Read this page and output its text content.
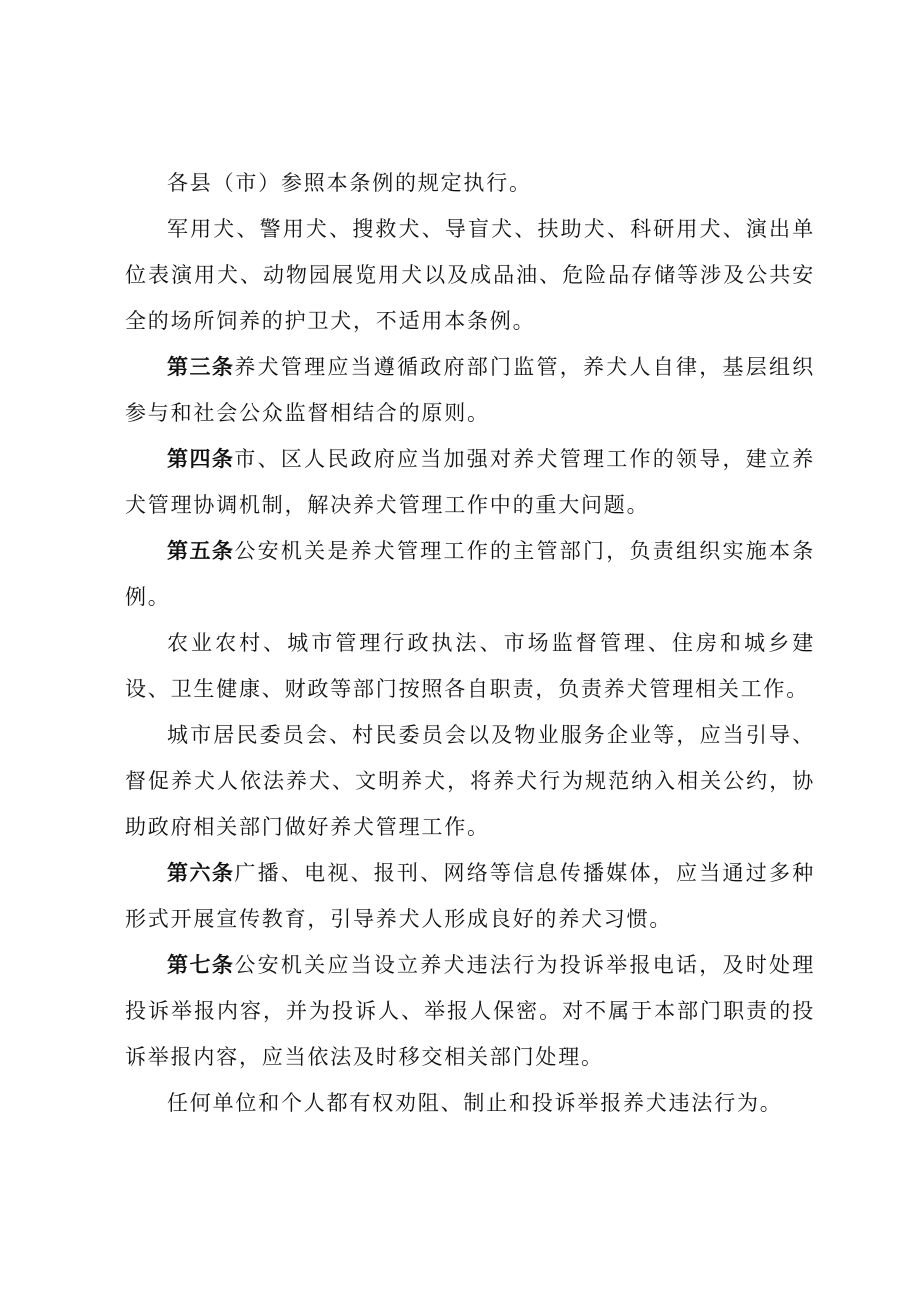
各县（市）参照本条例的规定执行。

军用犬、警用犬、搜救犬、导盲犬、扶助犬、科研用犬、演出单位表演用犬、动物园展览用犬以及成品油、危险品存储等涉及公共安全的场所饲养的护卫犬，不适用本条例。

第三条养犬管理应当遵循政府部门监管，养犬人自律，基层组织参与和社会公众监督相结合的原则。

第四条市、区人民政府应当加强对养犬管理工作的领导，建立养犬管理协调机制，解决养犬管理工作中的重大问题。

第五条公安机关是养犬管理工作的主管部门，负责组织实施本条例。

农业农村、城市管理行政执法、市场监督管理、住房和城乡建设、卫生健康、财政等部门按照各自职责，负责养犬管理相关工作。

城市居民委员会、村民委员会以及物业服务企业等，应当引导、督促养犬人依法养犬、文明养犬，将养犬行为规范纳入相关公约，协助政府相关部门做好养犬管理工作。

第六条广播、电视、报刊、网络等信息传播媒体，应当通过多种形式开展宣传教育，引导养犬人形成良好的养犬习惯。

第七条公安机关应当设立养犬违法行为投诉举报电话，及时处理投诉举报内容，并为投诉人、举报人保密。对不属于本部门职责的投诉举报内容，应当依法及时移交相关部门处理。

任何单位和个人都有权劝阻、制止和投诉举报养犬违法行为。
